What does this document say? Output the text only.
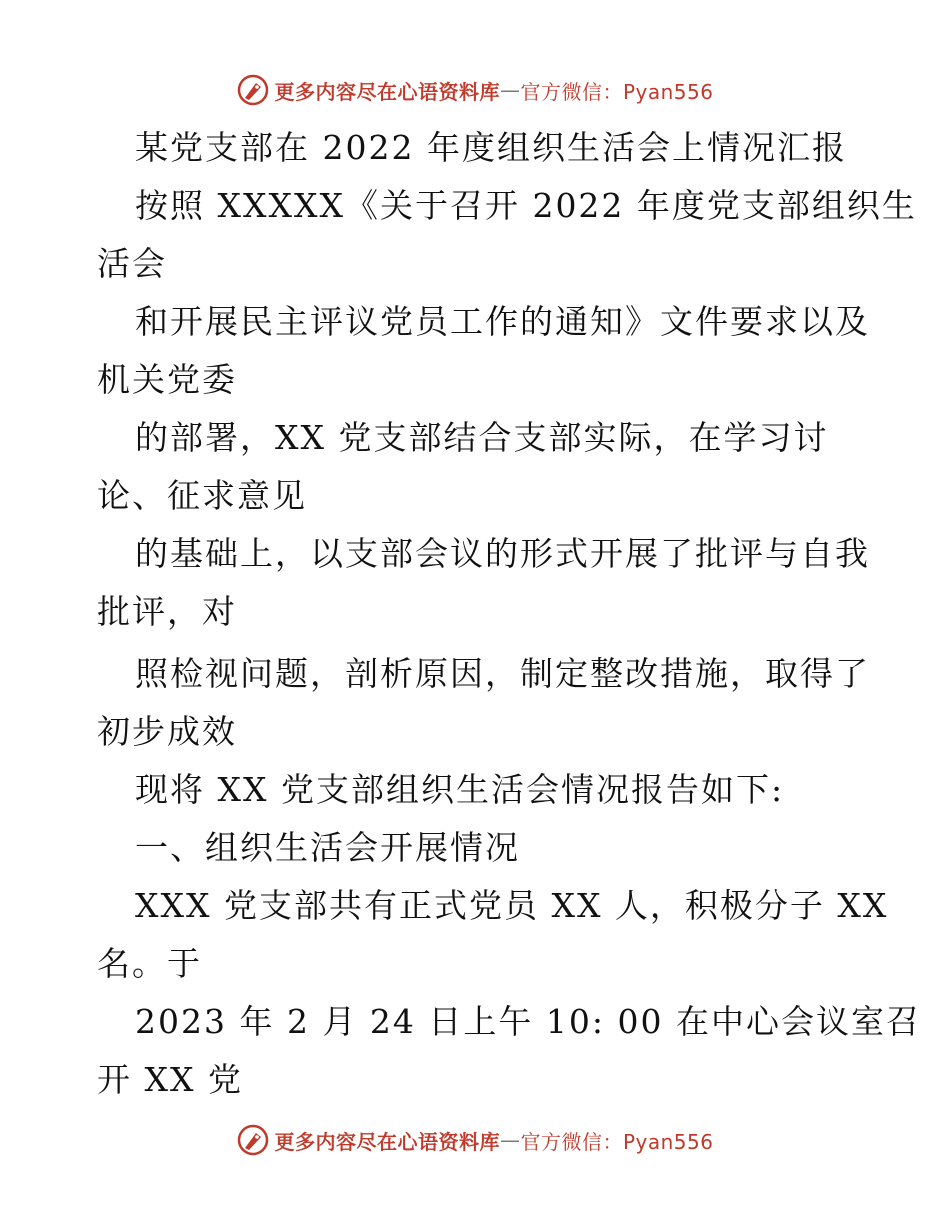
更多内容尽在心语资料库 — 官方微信：Pyan556
某党支部在 2022 年度组织生活会上情况汇报
按照 XXXXX《关于召开 2022 年度党支部组织生
活会
和开展民主评议党员工作的通知》文件要求以及
机关党委
的部署，XX 党支部结合支部实际，在学习讨
论、征求意见
的基础上，以支部会议的形式开展了批评与自我
批评，对
照检视问题，剖析原因，制定整改措施，取得了
初步成效
现将 XX 党支部组织生活会情况报告如下:
一、组织生活会开展情况
XXX 党支部共有正式党员 XX 人，积极分子 XX
名。于
2023 年 2 月 24 日上午 10: 00 在中心会议室召
开 XX 党
更多内容尽在心语资料库 — 官方微信：Pyan556
